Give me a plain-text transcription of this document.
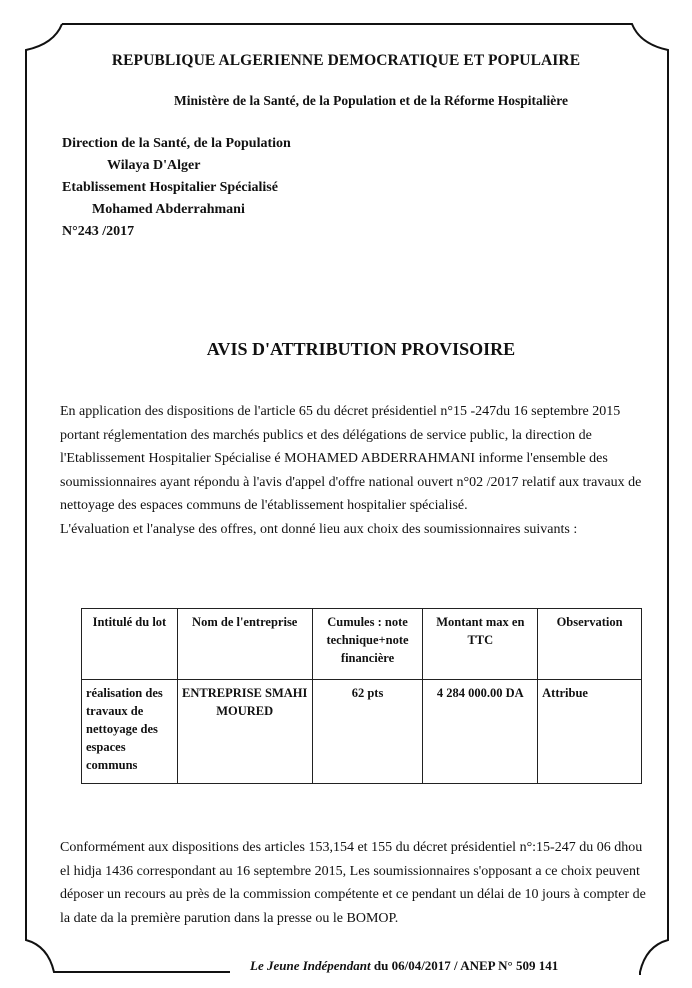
REPUBLIQUE ALGERIENNE DEMOCRATIQUE ET POPULAIRE
Ministère de la Santé, de la Population et de la Réforme Hospitalière
Direction de la Santé, de la Population
Wilaya D'Alger
Etablissement Hospitalier Spécialisé
Mohamed Abderrahmani
N°243 /2017
AVIS D'ATTRIBUTION PROVISOIRE
En application des dispositions de l'article 65 du décret présidentiel n°15 -247du 16 septembre 2015 portant réglementation des marchés publics et des délégations de service public, la direction de l'Etablissement Hospitalier Spécialise é MOHAMED ABDERRAHMANI informe l'ensemble des soumissionnaires ayant répondu à l'avis d'appel d'offre national ouvert n°02 /2017 relatif aux travaux de nettoyage des espaces communs de l'établissement hospitalier spécialisé.
L'évaluation et l'analyse des offres, ont donné lieu aux choix des soumissionnaires suivants :
Intitulé du lot	Nom de l'entreprise	Cumules : note technique+note financière	Montant max en TTC	Observation
réalisation des travaux de nettoyage des espaces communs	ENTREPRISE SMAHI MOURED	62 pts	4 284 000.00 DA	Attribue
Conformément aux dispositions des articles 153,154 et 155 du décret présidentiel n°:15-247 du 06 dhou el hidja 1436 correspondant au 16 septembre 2015, Les soumissionnaires s'opposant a ce choix peuvent déposer un recours au près de la commission compétente et ce pendant un délai de 10 jours à compter de la date da la première parution dans la presse ou le BOMOP.
Le Jeune Indépendant du 06/04/2017 / ANEP N° 509 141
